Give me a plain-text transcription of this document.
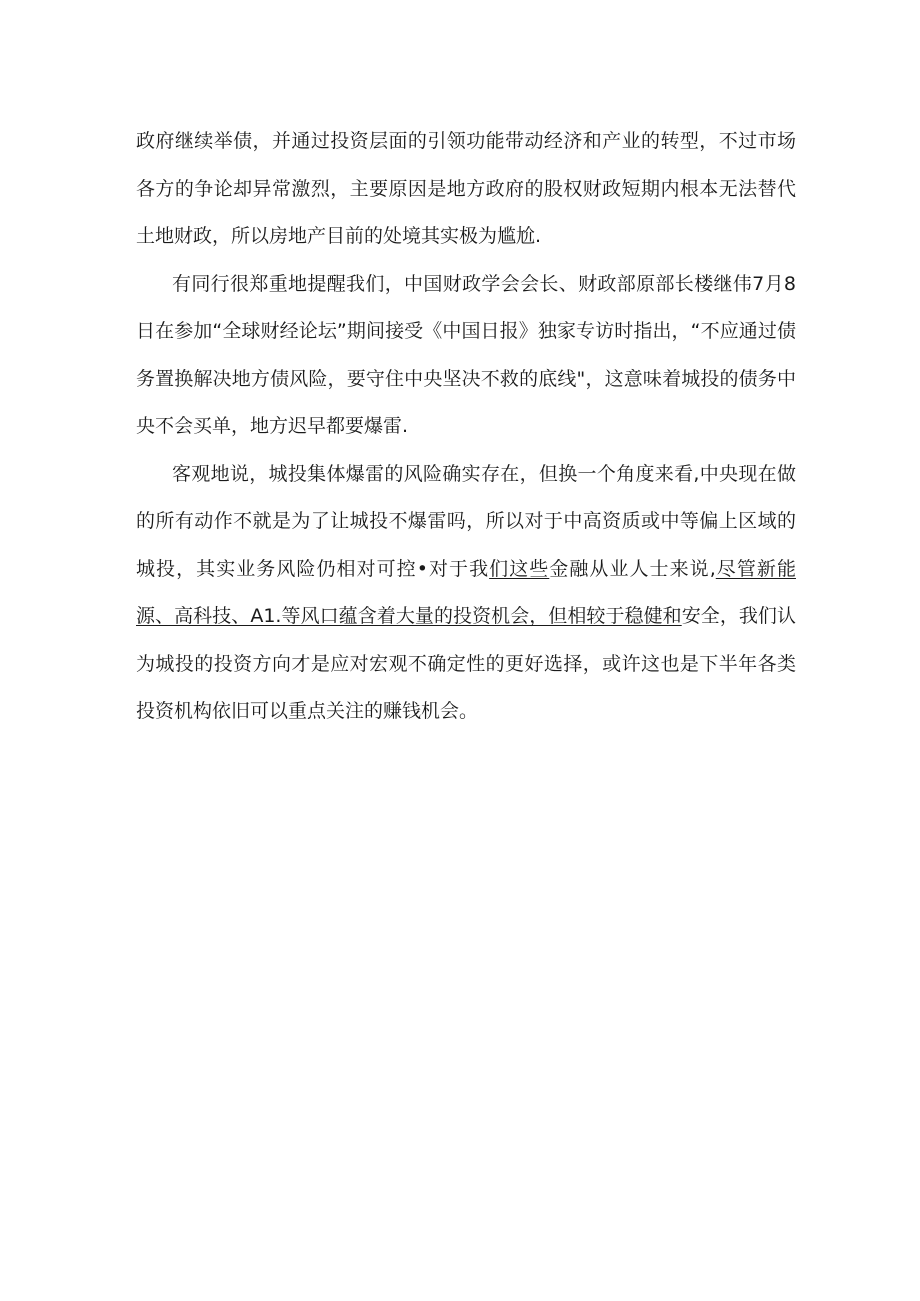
政府继续举债，并通过投资层面的引领功能带动经济和产业的转型，不过市场各方的争论却异常激烈，主要原因是地方政府的股权财政短期内根本无法替代土地财政，所以房地产目前的处境其实极为尴尬.

有同行很郑重地提醒我们，中国财政学会会长、财政部原部长楼继伟7月8日在参加“全球财经论坛”期间接受《中国日报》独家专访时指出，“不应通过债务置换解决地方债风险，要守住中央坚决不救的底线"，这意味着城投的债务中央不会买单，地方迟早都要爆雷.

客观地说，城投集体爆雷的风险确实存在，但换一个角度来看,中央现在做的所有动作不就是为了让城投不爆雷吗，所以对于中高资质或中等偏上区域的城投，其实业务风险仍相对可控•对于我们这些金融从业人士来说,尽管新能源、高科技、A1.等风口蕴含着大量的投资机会，但相较于稳健和安全，我们认为城投的投资方向才是应对宏观不确定性的更好选择，或许这也是下半年各类投资机构依旧可以重点关注的赚钱机会。
